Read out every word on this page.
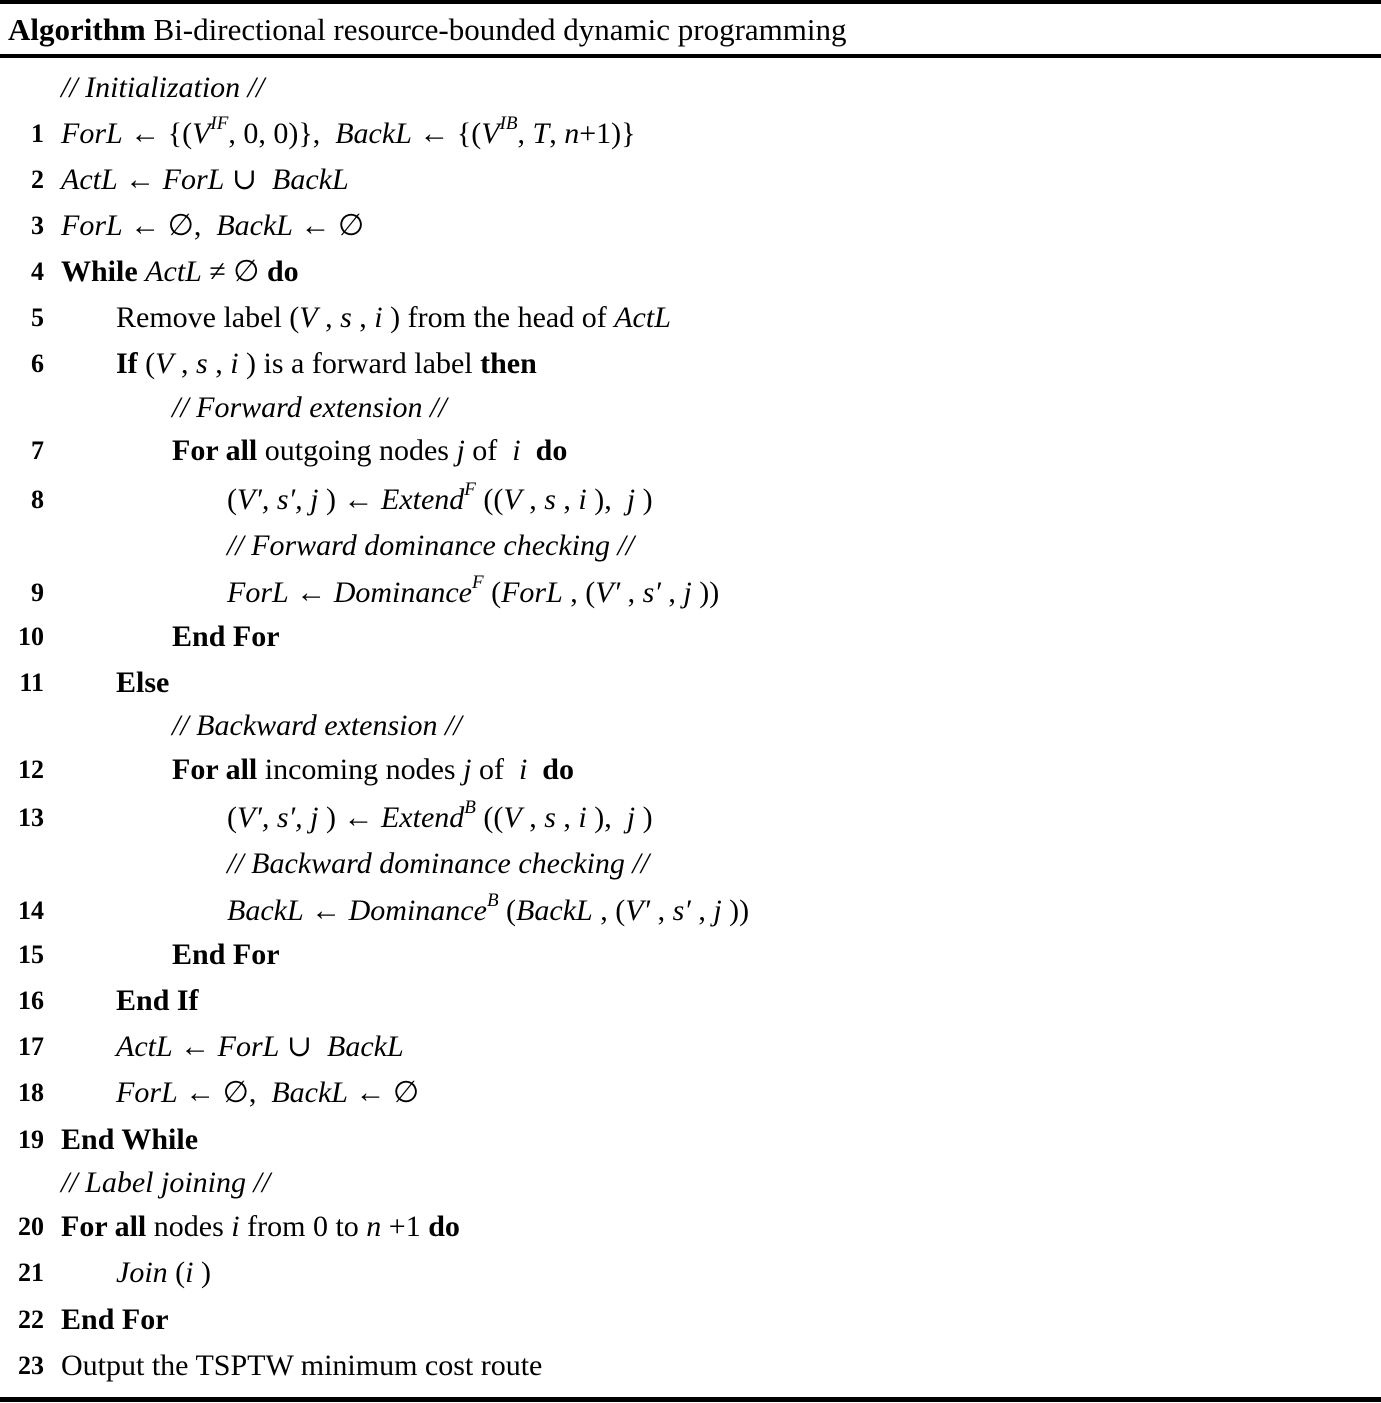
Algorithm Bi-directional resource-bounded dynamic programming
// Initialization //
1 ForL ← {($V^{IF}$, 0, 0)},  BackL ← {($V^{IB}$, T, n+1)}
2 ActL ← ForL ∪  BackL
3 ForL ← ∅,  BackL ← ∅
4 While ActL ≠ ∅ do
5 Remove label (V , s , i ) from the head of ActL
6 If (V , s , i ) is a forward label then
// Forward extension //
7	For all outgoing nodes j of  i do
8	(V′, s′, j ) ← Extend$^F$ ((V , s , i ),  j )
// Forward dominance checking //
9	ForL ← Dominance$^F$ (ForL , (V′ , s′ , j ))
10	End For
11 Else
// Backward extension //
12	For all incoming nodes j of  i do
13	(V′, s′, j ) ← Extend$^B$ ((V , s , i ),  j )
// Backward dominance checking //
14	BackL ← Dominance$^B$ (BackL , (V′ , s′ , j ))
15	End For
16 End If
17 ActL ← ForL ∪  BackL
18 ForL ← ∅,  BackL ← ∅
19 End While
// Label joining //
20 For all nodes i from 0 to n +1 do
21 Join (i )
22 End For
23 Output the TSPTW minimum cost route
